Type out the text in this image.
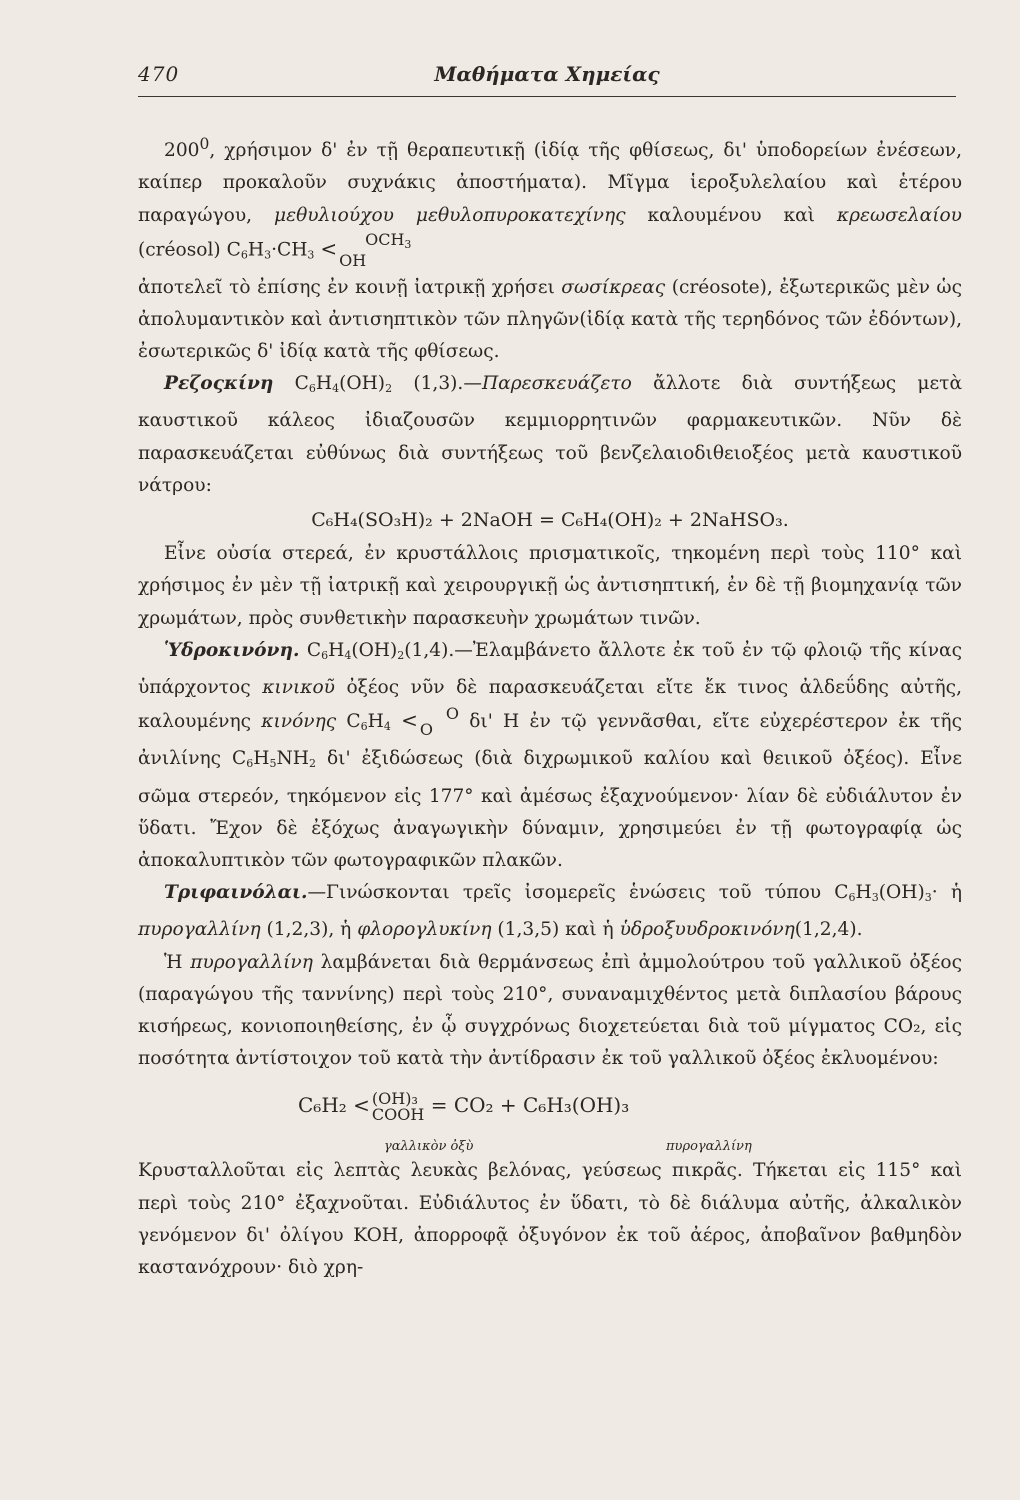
470	Μαθήματα Χημείας

$200^0$, χρήσιμον δ' ἐν τῇ θεραπευτικῇ (ἰδίᾳ τῆς φθίσεως, δι' ὑποδορείων ἐνέσεων, καίπερ προκαλοῦν συχνάκις ἀποστήματα). Μῖγμα ἱεροξυλελαίου καὶ ἑτέρου παραγώγου, μεθυλιούχου μεθυλοπυροκατεχίνης καλουμένου καὶ κρεωσελαίου (créosol) $C_6H_3\cdot CH_3 < OCH_3$
OH

ἀποτελεῖ τὸ ἐπίσης ἐν κοινῇ ἰατρικῇ χρήσει σωσίκρεας (créosote), ἐξωτερικῶς μὲν ὡς ἀπολυμαντικὸν καὶ ἀντισηπτικὸν τῶν πληγῶν(ἰδίᾳ κατὰ τῆς τερηδόνος τῶν ἐδόντων), ἐσωτερικῶς δ' ἰδίᾳ κατὰ τῆς φθίσεως.

Ρεζοςκίνη $C_6H_4(OH)_2$ (1,3).—Παρεσκευάζετο ἄλλοτε διὰ συντήξεως μετὰ καυστικοῦ κάλεος ἰδιαζουσῶν κεμμιορρητινῶν φαρμακευτικῶν. Νῦν δὲ παρασκευάζεται εὐθύνως διὰ συντήξεως τοῦ βενζελαιοδιθειοξέος μετὰ καυστικοῦ νάτρου:

C₆H₄(SO₃H)₂ + 2NaOH = C₆H₄(OH)₂ + 2NaHSO₃.

Εἶνε οὐσία στερεά, ἐν κρυστάλλοις πρισματικοῖς, τηκομένη περὶ τοὺς 110° καὶ χρήσιμος ἐν μὲν τῇ ἰατρικῇ καὶ χειρουργικῇ ὡς ἀντισηπτική, ἐν δὲ τῇ βιομηχανίᾳ τῶν χρωμάτων, πρὸς συνθετικὴν παρασκευὴν χρωμάτων τινῶν.

Ὑδροκινόνη. $C_6H_4(OH)_2(1,4).—Ἐ\lambda\alpha\mu\beta ά\nu\varepsilon\tau o$ ἄλλοτε ἐκ τοῦ ἐν τῷ φλοιῷ τῆς κίνας ὑπάρχοντος κινικοῦ ὀξέος νῦν δὲ παρασκευάζεται εἴτε ἔκ τινος ἀλδεΰδης αὐτῆς, καλουμένης κινόνης $C_6H_4 < O$
O δι' H ἐν τῷ γεννᾶσθαι, εἴτε εὐχερέστερον ἐκ τῆς ἀνιλίνης $C_6H_5NH_2$ δι' ἐξιδώσεως (διὰ διχρωμικοῦ καλίου καὶ θειικοῦ ὀξέος). Εἶνε σῶμα στερεόν, τηκόμενον εἰς 177° καὶ ἀμέσως ἐξαχνούμενον· λίαν δὲ εὐδιάλυτον ἐν ὕδατι. Ἔχον δὲ ἐξόχως ἀναγωγικὴν δύναμιν, χρησιμεύει ἐν τῇ φωτογραφίᾳ ὡς ἀποκαλυπτικὸν τῶν φωτογραφικῶν πλακῶν.

Τριφαινόλαι.—Γινώσκονται τρεῖς ἰσομερεῖς ἑνώσεις τοῦ τύπου $C_6H_3(OH)_3\cdot$ ἡ πυρογαλλίνη (1,2,3), ἡ φλορογλυκίνη (1,3,5) καὶ ἡ ὑδροξυυδροκινόνη(1,2,4).

Ἡ πυρογαλλίνη λαμβάνεται διὰ θερμάνσεως ἐπὶ ἀμμολούτρου τοῦ γαλλικοῦ ὀξέος (παραγώγου τῆς ταννίνης) περὶ τοὺς 210°, συναναμιχθέντος μετὰ διπλασίου βάρους κισήρεως, κονιοποιηθείσης, ἐν ᾧ συγχρόνως διοχετεύεται διὰ τοῦ μίγματος CO₂, εἰς ποσότητα ἀντίστοιχον τοῦ κατὰ τὴν ἀντίδρασιν ἐκ τοῦ γαλλικοῦ ὀξέος ἐκλυομένου:

C₆H₂ < (OH)₃
COOH = CO₂ + C₆H₃(OH)₃
γαλλικὸν ὀξὺ	πυρογαλλίνη

Κρυσταλλοῦται εἰς λεπτὰς λευκὰς βελόνας, γεύσεως πικρᾶς. Τήκεται εἰς 115° καὶ περὶ τοὺς 210° ἐξαχνοῦται. Εὐδιάλυτος ἐν ὕδατι, τὸ δὲ διάλυμα αὐτῆς, ἀλκαλικὸν γενόμενον δι' ὀλίγου KOH, ἀπορροφᾷ ὀξυγόνον ἐκ τοῦ ἀέρος, ἀποβαῖνον βαθμηδὸν καστανόχρουν· διὸ χρη-
